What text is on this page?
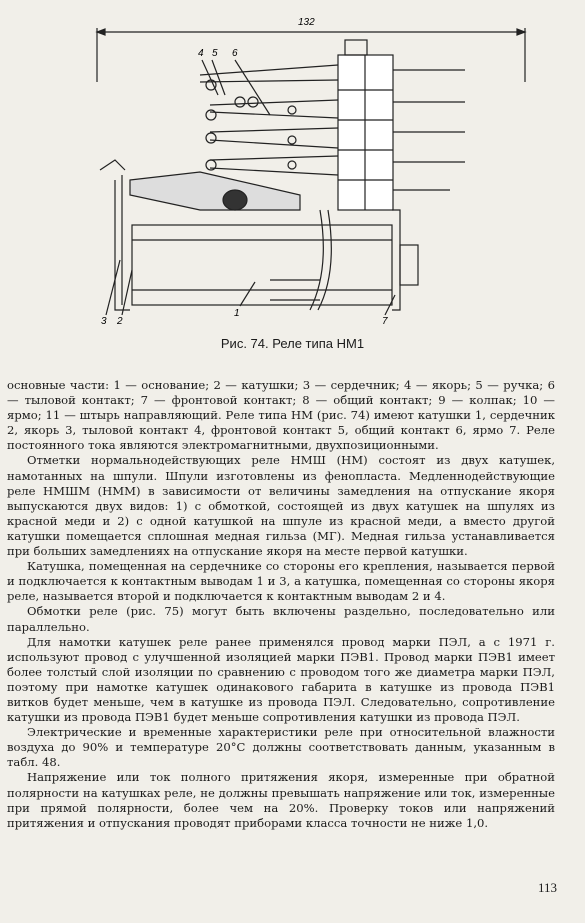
132
4 5 6
1
3 2	7
Рис. 74. Реле типа НМ1

основные части: 1 — основание; 2 — катушки; 3 — сердечник; 4 — якорь; 5 — ручка; 6 — тыловой контакт; 7 — фронтовой контакт; 8 — общий контакт; 9 — колпак; 10 — ярмо; 11 — штырь направляющий. Реле типа НМ (рис. 74) имеют катушки 1, сердечник 2, якорь 3, тыловой контакт 4, фронтовой контакт 5, общий контакт 6, ярмо 7. Реле постоянного тока являются электромагнитными, двухпозиционными.

Отметки нормальнодействующих реле НМШ (НМ) состоят из двух катушек, намотанных на шпули. Шпули изготовлены из фенопласта. Медленнодействующие реле НМШМ (НММ) в зависимости от величины замедления на отпускание якоря выпускаются двух видов: 1) с обмоткой, состоящей из двух катушек на шпулях из красной меди и 2) с одной катушкой на шпуле из красной меди, а вместо другой катушки помещается сплошная медная гильза (МГ). Медная гильза устанавливается при больших замедлениях на отпускание якоря на месте первой катушки.

Катушка, помещенная на сердечнике со стороны его крепления, называется первой и подключается к контактным выводам 1 и 3, а катушка, помещенная со стороны якоря реле, называется второй и подключается к контактным выводам 2 и 4.

Обмотки реле (рис. 75) могут быть включены раздельно, последовательно или параллельно.

Для намотки катушек реле ранее применялся провод марки ПЭЛ, а с 1971 г. используют провод с улучшенной изоляцией марки ПЭВ1. Провод марки ПЭВ1 имеет более толстый слой изоляции по сравнению с проводом того же диаметра марки ПЭЛ, поэтому при намотке катушек одинакового габарита в катушке из провода ПЭВ1 витков будет меньше, чем в катушке из провода ПЭЛ. Следовательно, сопротивление катушки из провода ПЭВ1 будет меньше сопротивления катушки из провода ПЭЛ.

Электрические и временные характеристики реле при относительной влажности воздуха до 90% и температуре 20°С должны соответствовать данным, указанным в табл. 48.

Напряжение или ток полного притяжения якоря, измеренные при обратной полярности на катушках реле, не должны превышать напряжение или ток, измеренные при прямой полярности, более чем на 20%. Проверку токов или напряжений притяжения и отпускания проводят приборами класса точности не ниже 1,0.

113
